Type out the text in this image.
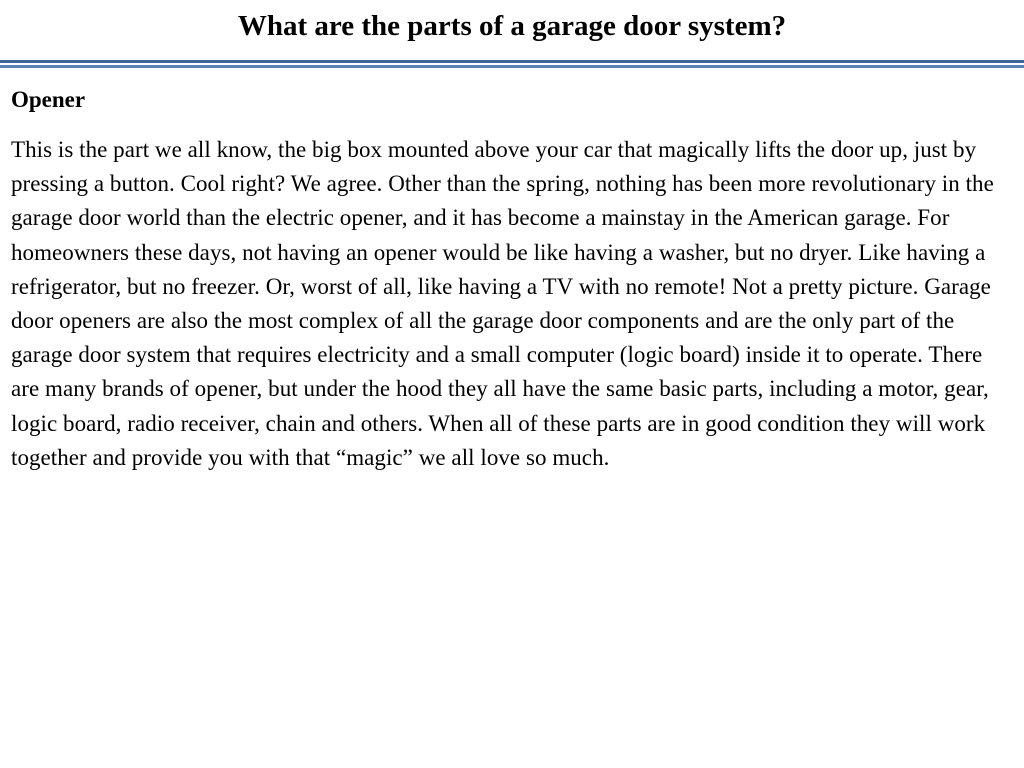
What are the parts of a garage door system?
Opener

This is the part we all know, the big box mounted above your car that magically lifts the door up, just by pressing a button. Cool right? We agree. Other than the spring, nothing has been more revolutionary in the garage door world than the electric opener, and it has become a mainstay in the American garage. For homeowners these days, not having an opener would be like having a washer, but no dryer. Like having a refrigerator, but no freezer. Or, worst of all, like having a TV with no remote! Not a pretty picture. Garage door openers are also the most complex of all the garage door components and are the only part of the garage door system that requires electricity and a small computer (logic board) inside it to operate. There are many brands of opener, but under the hood they all have the same basic parts, including a motor, gear, logic board, radio receiver, chain and others. When all of these parts are in good condition they will work together and provide you with that “magic” we all love so much.
